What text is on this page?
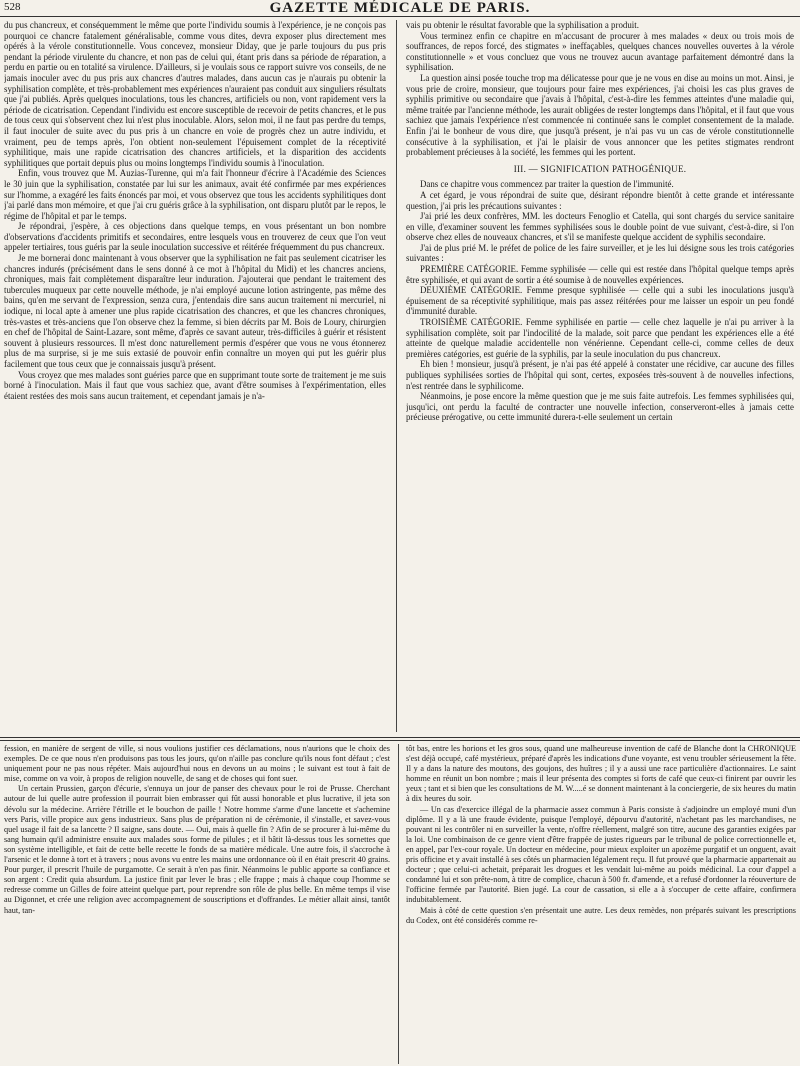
528	GAZETTE MÉDICALE DE PARIS.

du pus chancreux, et conséquemment le même que porte l'individu soumis à l'expérience, je ne conçois pas pourquoi ce chancre fatalement généralisable, comme vous dites, devra exposer plus directement mes opérés à la vérole constitutionnelle. Vous concevez, monsieur Diday, que je parle toujours du pus pris pendant la période virulente du chancre, et non pas de celui qui, étant pris dans sa période de réparation, a perdu en partie ou en totalité sa virulence. D'ailleurs, si je voulais sous ce rapport suivre vos conseils, de ne jamais inoculer avec du pus pris aux chancres d'autres malades, dans aucun cas je n'aurais pu obtenir la syphilisation complète, et très-probablement mes expériences n'auraient pas conduit aux singuliers résultats que j'ai publiés. Après quelques inoculations, tous les chancres, artificiels ou non, vont rapidement vers la période de cicatrisation. Cependant l'individu est encore susceptible de recevoir de petits chancres, et le pus de tous ceux qui s'observent chez lui n'est plus inoculable. Alors, selon moi, il ne faut pas perdre du temps, il faut inoculer de suite avec du pus pris à un chancre en voie de progrès chez un autre individu, et vraiment, peu de temps après, l'on obtient non-seulement l'épuisement complet de la réceptivité syphilitique, mais une rapide cicatrisation des chancres artificiels, et la disparition des accidents syphilitiques que portait depuis plus ou moins longtemps l'individu soumis à l'inoculation.

Enfin, vous trouvez que M. Auzias-Turenne, qui m'a fait l'honneur d'écrire à l'Académie des Sciences le 30 juin que la syphilisation, constatée par lui sur les animaux, avait été confirmée par mes expériences sur l'homme, a exagéré les faits énoncés par moi, et vous observez que tous les accidents syphilitiques dont j'ai parlé dans mon mémoire, et que j'ai cru guéris grâce à la syphilisation, ont disparu plutôt par le repos, le régime de l'hôpital et par le temps.

Je répondrai, j'espère, à ces objections dans quelque temps, en vous présentant un bon nombre d'observations d'accidents primitifs et secondaires, entre lesquels vous en trouverez de ceux que l'on veut appeler tertiaires, tous guéris par la seule inoculation successive et réitérée fréquemment du pus chancreux.

Je me bornerai donc maintenant à vous observer que la syphilisation ne fait pas seulement cicatriser les chancres indurés (précisément dans le sens donné à ce mot à l'hôpital du Midi) et les chancres anciens, chroniques, mais fait complètement disparaître leur induration. J'ajouterai que pendant le traitement des tubercules muqueux par cette nouvelle méthode, je n'ai employé aucune lotion astringente, pas même des bains, qu'en me servant de l'expression, senza cura, j'entendais dire sans aucun traitement ni mercuriel, ni iodique, ni local apte à amener une plus rapide cicatrisation des chancres, et que les chancres chroniques, très-vastes et très-anciens que l'on observe chez la femme, si bien décrits par M. Bois de Loury, chirurgien en chef de l'hôpital de Saint-Lazare, sont même, d'après ce savant auteur, très-difficiles à guérir et résistent souvent à plusieurs ressources. Il m'est donc naturellement permis d'espérer que vous ne vous étonnerez plus de ma surprise, si je me suis extasié de pouvoir enfin connaître un moyen qui put les guérir plus facilement que tous ceux que je connaissais jusqu'à présent.

Vous croyez que mes malades sont guéries parce que en supprimant toute sorte de traitement je me suis borné à l'inoculation. Mais il faut que vous sachiez que, avant d'être soumises à l'expérimentation, elles étaient restées des mois sans aucun traitement, et cependant jamais je n'a-

vais pu obtenir le résultat favorable que la syphilisation a produit.

Vous terminez enfin ce chapitre en m'accusant de procurer à mes malades « deux ou trois mois de souffrances, de repos forcé, des stigmates » ineffaçables, quelques chances nouvelles ouvertes à la vérole constitutionnelle » et vous concluez que vous ne trouvez aucun avantage parfaitement démontré dans la syphilisation.

La question ainsi posée touche trop ma délicatesse pour que je ne vous en dise au moins un mot. Ainsi, je vous prie de croire, monsieur, que toujours pour faire mes expériences, j'ai choisi les cas plus graves de syphilis primitive ou secondaire que j'avais à l'hôpital, c'est-à-dire les femmes atteintes d'une maladie qui, même traitée par l'ancienne méthode, les aurait obligées de rester longtemps dans l'hôpital, et il faut que vous sachiez que jamais l'expérience n'est commencée ni continuée sans le complet consentement de la malade. Enfin j'ai le bonheur de vous dire, que jusqu'à présent, je n'ai pas vu un cas de vérole constitutionnelle consécutive à la syphilisation, et j'ai le plaisir de vous annoncer que les petites stigmates rendront probablement précieuses à la société, les femmes qui les portent.

III. — SIGNIFICATION PATHOGÉNIQUE.

Dans ce chapitre vous commencez par traiter la question de l'immunité.

A cet égard, je vous répondrai de suite que, désirant répondre bientôt à cette grande et intéressante question, j'ai pris les précautions suivantes :

J'ai prié les deux confrères, MM. les docteurs Fenoglio et Catella, qui sont chargés du service sanitaire en ville, d'examiner souvent les femmes syphilisées sous le double point de vue suivant, c'est-à-dire, si l'on observe chez elles de nouveaux chancres, et s'il se manifeste quelque accident de syphilis secondaire.

J'ai de plus prié M. le préfet de police de les faire surveiller, et je les lui désigne sous les trois catégories suivantes :

PREMIÈRE CATÉGORIE. Femme syphilisée — celle qui est restée dans l'hôpital quelque temps après être syphilisée, et qui avant de sortir a été soumise à de nouvelles expériences.

DEUXIÈME CATÉGORIE. Femme presque syphilisée — celle qui a subi les inoculations jusqu'à épuisement de sa réceptivité syphilitique, mais pas assez réitérées pour me laisser un espoir un peu fondé d'immunité durable.

TROISIÈME CATÉGORIE. Femme syphilisée en partie — celle chez laquelle je n'ai pu arriver à la syphilisation complète, soit par l'indocilité de la malade, soit parce que pendant les expériences elle a été atteinte de quelque maladie accidentelle non vénérienne. Cependant celle-ci, comme celles de deux premières catégories, est guérie de la syphilis, par la seule inoculation du pus chancreux.

Eh bien ! monsieur, jusqu'à présent, je n'ai pas été appelé à constater une récidive, car aucune des filles publiques syphilisées sorties de l'hôpital qui sont, certes, exposées très-souvent à de nouvelles infections, n'est rentrée dans le syphilicome.

Néanmoins, je pose encore la même question que je me suis faite autrefois. Les femmes syphilisées qui, jusqu'ici, ont perdu la faculté de contracter une nouvelle infection, conserveront-elles à jamais cette précieuse prérogative, ou cette immunité durera-t-elle seulement un certain

fession, en manière de sergent de ville, si nous voulions justifier ces déclamations, nous n'aurions que le choix des exemples. De ce que nous n'en produisons pas tous les jours, qu'on n'aille pas conclure qu'ils nous font défaut ; c'est uniquement pour ne pas nous répéter. Mais aujourd'hui nous en devons un au moins ; le suivant est tout à fait de mise, comme on va voir, à propos de religion nouvelle, de sang et de choses qui font suer.

Un certain Prussien, garçon d'écurie, s'ennuya un jour de panser des chevaux pour le roi de Prusse. Cherchant autour de lui quelle autre profession il pourrait bien embrasser qui fût aussi honorable et plus lucrative, il jeta son dévolu sur la médecine. Arrière l'étrille et le bouchon de paille ! Notre homme s'arme d'une lancette et s'achemine vers Paris, ville propice aux gens industrieux. Sans plus de préparation ni de cérémonie, il s'installe, et savez-vous quel usage il fait de sa lancette ? Il saigne, sans doute. — Oui, mais à quelle fin ? Afin de se procurer à lui-même du sang humain qu'il administre ensuite aux malades sous forme de pilules ; et il bâtit là-dessus tous les sornettes que son système intelligible, et fait de cette belle recette le fonds de sa matière médicale. Une autre fois, il s'accroche à l'arsenic et le donne à tort et à travers ; nous avons vu entre les mains une ordonnance où il en était prescrit 40 grains. Pour purger, il prescrit l'huile de purgamotte. Ce serait à n'en pas finir. Néanmoins le public apporte sa confiance et son argent : Credit quia absurdum. La justice finit par lever le bras ; elle frappe ; mais à chaque coup l'homme se redresse comme un Gilles de foire atteint quelque part, pour reprendre son rôle de plus belle. En même temps il vise au Digonnet, et crée une religion avec accompagnement de souscriptions et d'offrandes. Le métier allait ainsi, tantôt haut, tan-

tôt bas, entre les horions et les gros sous, quand une malheureuse invention de café de Blanche dont la CHRONIQUE s'est déjà occupé, café mystérieux, préparé d'après les indications d'une voyante, est venu troubler sérieusement la fête. Il y a dans la nature des moutons, des goujons, des huîtres ; il y a aussi une race particulière d'actionnaires. Le saint homme en réunit un bon nombre ; mais il leur présenta des comptes si forts de café que ceux-ci finirent par ouvrir les yeux ; tant et si bien que les consultations de M. W.....é se donnent maintenant à la conciergerie, de six heures du matin à dix heures du soir.

— Un cas d'exercice illégal de la pharmacie assez commun à Paris consiste à s'adjoindre un employé muni d'un diplôme. Il y a là une fraude évidente, puisque l'employé, dépourvu d'autorité, n'achetant pas les marchandises, ne pouvant ni les contrôler ni en surveiller la vente, n'offre réellement, malgré son titre, aucune des garanties exigées par la loi. Une combinaison de ce genre vient d'être frappée de justes rigueurs par le tribunal de police correctionnelle et, en appel, par l'ex-cour royale. Un docteur en médecine, pour mieux exploiter un apozème purgatif et un onguent, avait pris officine et y avait installé à ses côtés un pharmacien légalement reçu. Il fut prouvé que la pharmacie appartenait au docteur ; que celui-ci achetait, préparait les drogues et les vendait lui-même au poids médicinal. La cour d'appel a condamné lui et son prête-nom, à titre de complice, chacun à 500 fr. d'amende, et a refusé d'ordonner la réouverture de l'officine fermée par l'autorité. Bien jugé. La cour de cassation, si elle a à s'occuper de cette affaire, confirmera indubitablement.

Mais à côté de cette question s'en présentait une autre. Les deux remèdes, non préparés suivant les prescriptions du Codex, ont été considérés comme re-
